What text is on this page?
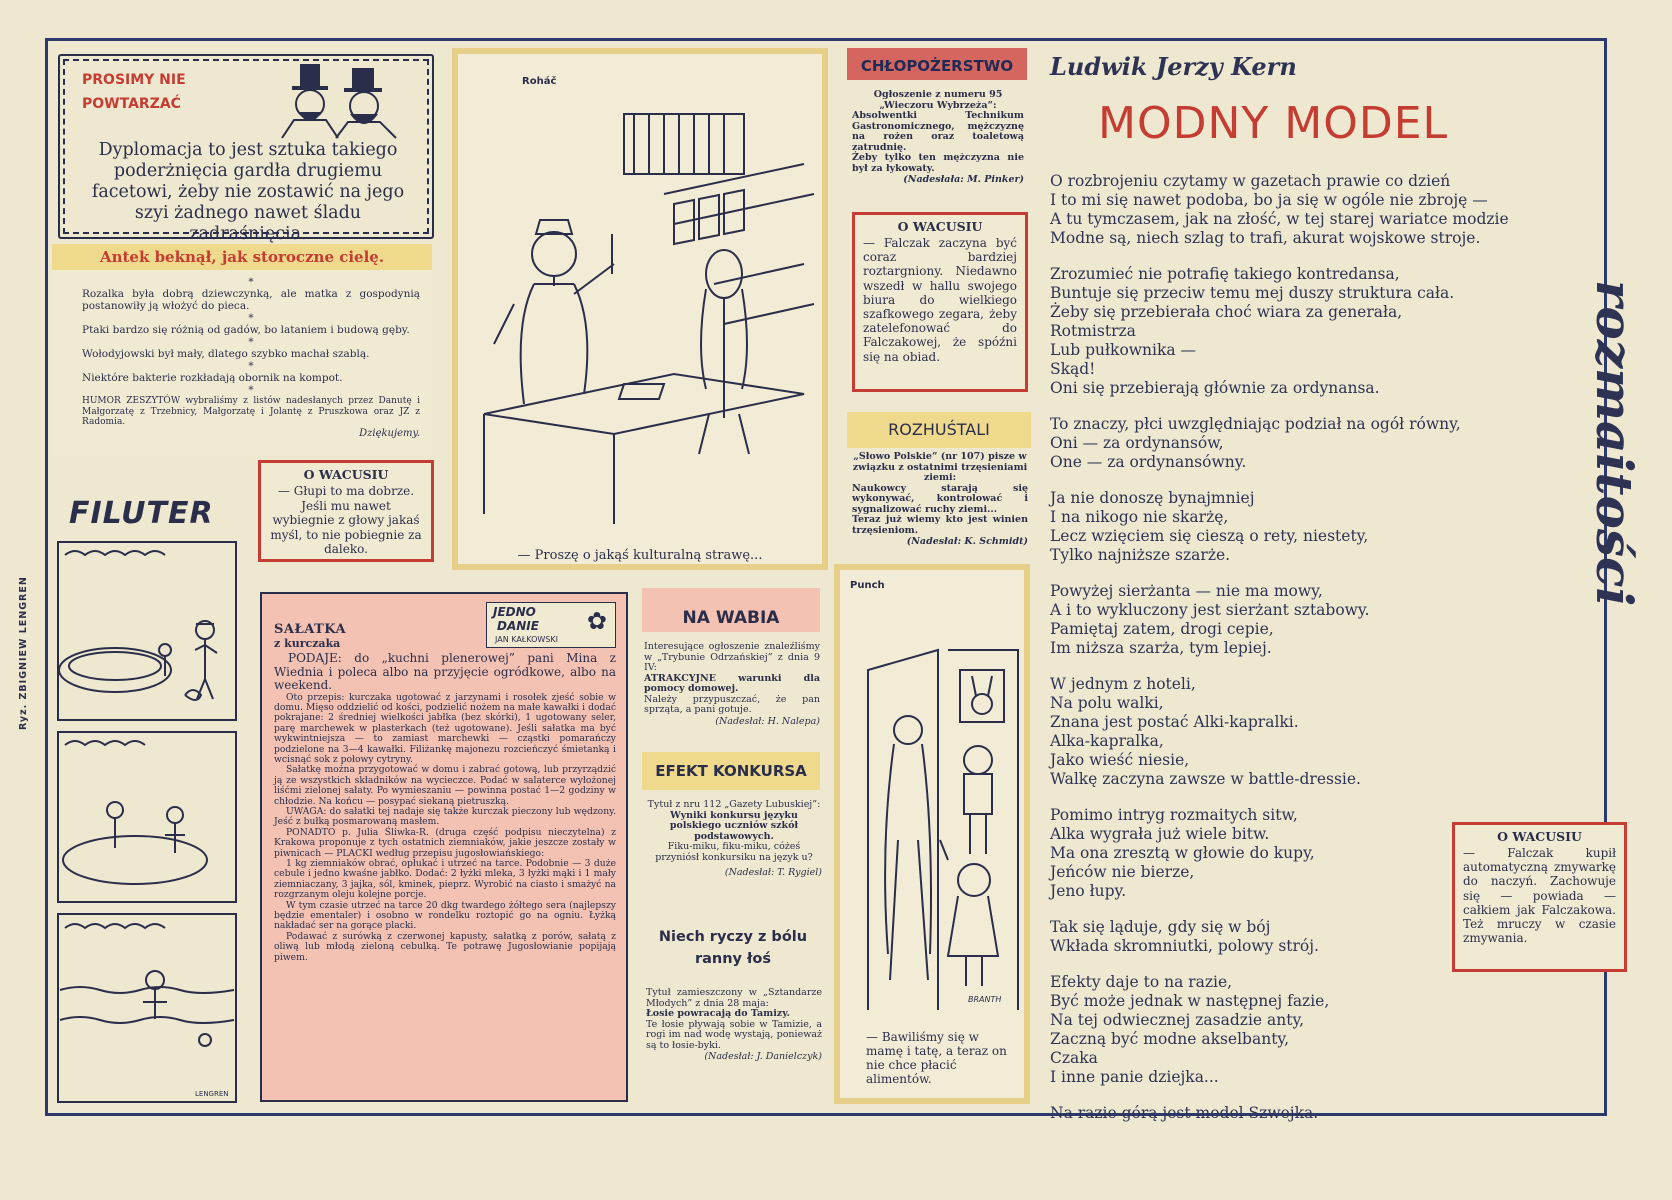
PROSIMY NIE POWTARZAĆ
Dyplomacja to jest sztuka takiego poderżnięcia gardła drugiemu facetowi, żeby nie zostawić na jego szyi żadnego nawet śladu zadraśnięcia.
Antek beknął, jak storoczne cielę.
*
Rozalka była dobrą dziewczynką, ale matka z gospodynią postanowiły ją włożyć do pieca.
*
Ptaki bardzo się różnią od gadów, bo lataniem i budową gęby.
*
Wołodyjowski był mały, dlatego szybko machał szablą.
*
Niektóre bakterie rozkładają obornik na kompot.
*
HUMOR ZESZYTÓW wybraliśmy z listów nadesłanych przez Danutę i Małgorzatę z Trzebnicy, Małgorzatę i Jolantę z Pruszkowa oraz JZ z Radomia.
Dziękujemy.
O WACUSIU
— Głupi to ma dobrze. Jeśli mu nawet wybiegnie z głowy jakaś myśl, to nie pobiegnie za daleko.
FILUTER
LENGREN
Ryz. ZBIGNIEW LENGREN
Roháč
— Proszę o jakąś kulturalną strawę...
CHŁOPOŻERSTWO
Ogłoszenie z numeru 95 „Wieczoru Wybrzeża”:
Absolwentki Technikum Gastronomicznego, mężczyznę na rożen oraz toaletową zatrudnię.
Żeby tylko ten mężczyzna nie był za łykowaty.
(Nadesłała: M. Pinker)
O WACUSIU
— Falczak zaczyna być coraz bardziej roztargniony. Niedawno wszedł w hallu swojego biura do wielkiego szafkowego zegara, żeby zatelefonować do Falczakowej, że spóźni się na obiad.
ROZHUŚTALI
„Słowo Polskie” (nr 107) pisze w związku z ostatnimi trzęsieniami ziemi:
Naukowcy starają się wykonywać, kontrolować i sygnalizować ruchy ziemi...
Teraz już wiemy kto jest winien trzęsieniom.
(Nadesłał: K. Schmidt)
Ludwik Jerzy Kern
MODNY MODEL

O rozbrojeniu czytamy w gazetach prawie co dzień
I to mi się nawet podoba, bo ja się w ogóle nie zbroję —
A tu tymczasem, jak na złość, w tej starej wariatce modzie
Modne są, niech szlag to trafi, akurat wojskowe stroje.

Zrozumieć nie potrafię takiego kontredansa,
Buntuje się przeciw temu mej duszy struktura cała.
Żeby się przebierała choć wiara za generała,
Rotmistrza
Lub pułkownika —
Skąd!
Oni się przebierają głównie za ordynansa.

To znaczy, płci uwzględniając podział na ogół równy,
Oni — za ordynansów,
One — za ordynansówny.

Ja nie donoszę bynajmniej
I na nikogo nie skarżę,
Lecz wzięciem się cieszą o rety, niestety,
Tylko najniższe szarże.

Powyżej sierżanta — nie ma mowy,
A i to wykluczony jest sierżant sztabowy.
Pamiętaj zatem, drogi cepie,
Im niższa szarża, tym lepiej.

W jednym z hoteli,
Na polu walki,
Znana jest postać Alki-kapralki.
Alka-kapralka,
Jako wieść niesie,
Walkę zaczyna zawsze w battle-dressie.

Pomimo intryg rozmaitych sitw,
Alka wygrała już wiele bitw.
Ma ona zresztą w głowie do kupy,
Jeńców nie bierze,
Jeno łupy.

Tak się ląduje, gdy się w bój
Wkłada skromniutki, polowy strój.

Efekty daje to na razie,
Być może jednak w następnej fazie,
Na tej odwiecznej zasadzie anty,
Zaczną być modne akselbanty,
Czaka
I inne panie dziejka...

Na razie górą jest model Szwejka.

rozmaitości
O WACUSIU
— Falczak kupił automatyczną zmywarkę do naczyń. Zachowuje się — powiada — całkiem jak Falczakowa. Też mruczy w czasie zmywania.
JEDNO
DANIE
JAN KAŁKOWSKI
✿
SAŁATKA
z kurczaka
PODAJE: do „kuchni plenerowej” pani Mina z Wiednia i poleca albo na przyjęcie ogródkowe, albo na weekend.
Oto przepis: kurczaka ugotować z jarzynami i rosołek zjeść sobie w domu. Mięso oddzielić od kości, podzielić nożem na małe kawałki i dodać pokrajane: 2 średniej wielkości jabłka (bez skórki), 1 ugotowany seler, parę marchewek w plasterkach (też ugotowane). Jeśli sałatka ma być wykwintniejsza — to zamiast marchewki — cząstki pomarańczy podzielone na 3—4 kawałki. Filiżankę majonezu rozcieńczyć śmietanką i wcisnąć sok z połowy cytryny.
Sałatkę można przygotować w domu i zabrać gotową, lub przyrządzić ją ze wszystkich składników na wycieczce. Podać w salaterce wyłożonej liśćmi zielonej sałaty. Po wymieszaniu — powinna postać 1—2 godziny w chłodzie. Na końcu — posypać siekaną pietruszką.
UWAGA: do sałatki tej nadaje się także kurczak pieczony lub wędzony. Jeść z bułką posmarowaną masłem.
PONADTO p. Julia Śliwka-R. (druga część podpisu nieczytelna) z Krakowa proponuje z tych ostatnich ziemniaków, jakie jeszcze zostały w piwnicach — PLACKI według przepisu jugosłowiańskiego:
1 kg ziemniaków obrać, opłukać i utrzeć na tarce. Podobnie — 3 duże cebule i jedno kwaśne jabłko. Dodać: 2 łyżki mleka, 3 łyżki mąki i 1 mały ziemniaczany, 3 jajka, sól, kminek, pieprz. Wyrobić na ciasto i smażyć na rozgrzanym oleju kolejne porcje.
W tym czasie utrzeć na tarce 20 dkg twardego żółtego sera (najlepszy będzie ementaler) i osobno w rondelku roztopić go na ogniu. Łyżką nakładać ser na gorące placki.
Podawać z surówką z czerwonej kapusty, sałatką z porów, sałatą z oliwą lub młodą zieloną cebulką. Te potrawę Jugosłowianie popijają piwem.
NA WABIA
Interesujące ogłoszenie znaleźliśmy w „Trybunie Odrzańskiej” z dnia 9 IV:
ATRAKCYJNE warunki dla pomocy domowej.
Należy przypuszczać, że pan sprząta, a pani gotuje.
(Nadesłał: H. Nalepa)
EFEKT KONKURSA
Tytuł z nru 112 „Gazety Lubuskiej”:
Wyniki konkursu języku polskiego uczniów szkół podstawowych.
Fiku-miku, fiku-miku, cóżeś przyniósł konkursiku na język u?
(Nadesłał: T. Rygiel)
Niech ryczy z bólu ranny łoś
Tytuł zamieszczony w „Sztandarze Młodych” z dnia 28 maja:
Łosie powracają do Tamizy.
Te łosie pływają sobie w Tamizie, a rogi im nad wodę wystają, ponieważ są to łosie-byki.
(Nadesłał: J. Danielczyk)
Punch
BRANTH
— Bawiliśmy się w mamę i tatę, a teraz on nie chce płacić alimentów.
